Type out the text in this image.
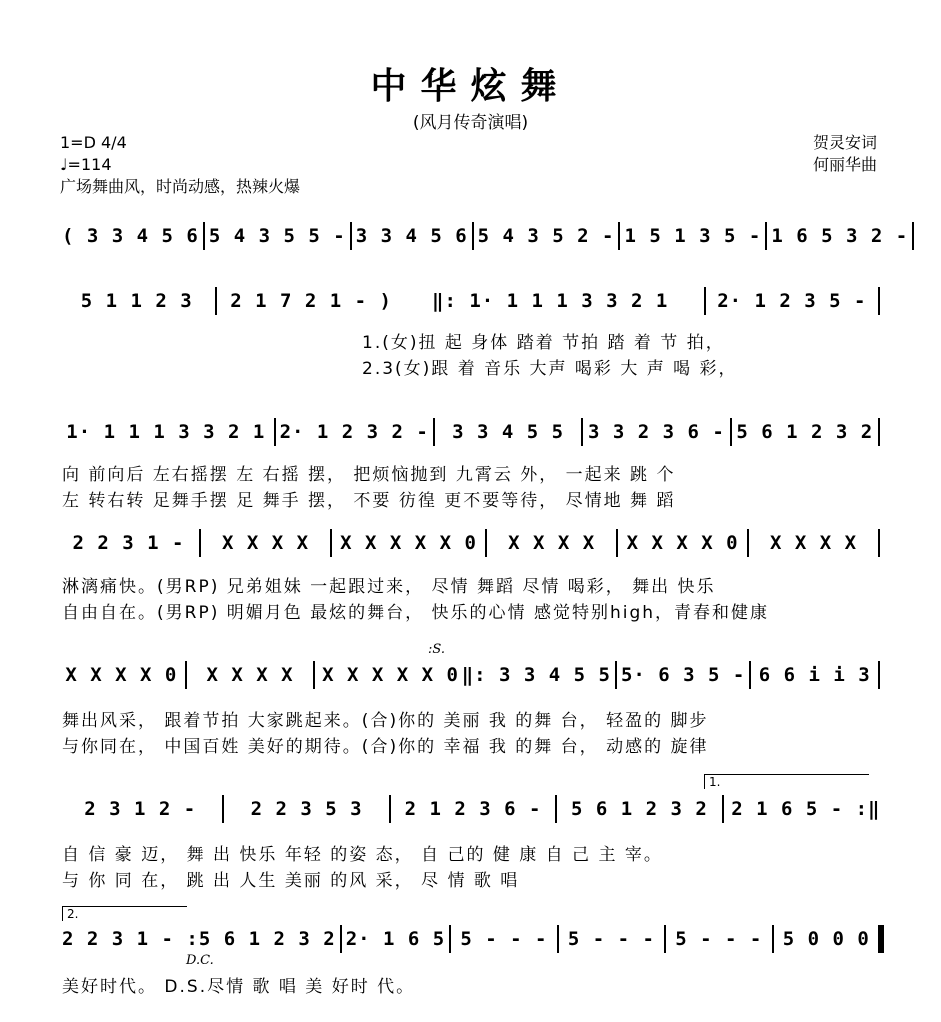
中华炫舞
(风月传奇演唱)
1=D 4/4
♩=114
广场舞曲风，时尚动感，热辣火爆
贺灵安词
何丽华曲
( 3 3 4 5 6 5 4 3 5 5 - 3 3 4 5 6 5 4 3 5 2 - 1 5 1 3 5 - 1 6 5 3 2 -
5 1 1 2 3	2 1 7 2 1 - )	‖: 1· 1 1 1 3 3 2 1	2· 1 2 3 5 -
1.(女)扭 起 身体 踏着 节拍 踏 着 节 拍，
2.3(女)跟 着 音乐 大声 喝彩 大 声 喝 彩，
1· 1 1 1 3 3 2 1 2· 1 2 3 2 -	3 3 4 5 5	3 3 2 3 6 - 5 6 1 2 3 2
向 前向后 左右摇摆 左 右摇 摆， 把烦恼抛到 九霄云 外， 一起来 跳 个
左 转右转 足舞手摆 足 舞手 摆， 不要 彷徨 更不要等待， 尽情地 舞 蹈
2 2 3 1 -	X X X X	X X X X X 0	X X X X	X X X X 0	X X X X
淋漓痛快。(男RP) 兄弟姐妹 一起跟过来， 尽情 舞蹈 尽情 喝彩， 舞出 快乐
自由自在。(男RP) 明媚月色 最炫的舞台， 快乐的心情 感觉特别high，青春和健康
:S.
X X X X 0	X X X X	X X X X X 0 ‖: 3 3 4 5 5 5· 6 3 5 - 6 6 i i 3
舞出风采， 跟着节拍 大家跳起来。(合)你的 美丽 我 的舞 台， 轻盈的 脚步
与你同在， 中国百姓 美好的期待。(合)你的 幸福 我 的舞 台， 动感的 旋律
1.
2 3 1 2 -	2 2 3 5 3	2 1 2 3 6 -	5 6 1 2 3 2	2 1 6 5 - :‖
自 信 豪 迈， 舞 出 快乐 年轻 的姿 态， 自 己的 健 康 自 己 主 宰。
与 你 同 在， 跳 出 人生 美丽 的风 采， 尽 情 歌 唱
2.
2 2 3 1 - : 5 6 1 2 3 2 2· 1 6 5 5 - - - 5 - - - 5 - - - 5 0 0 0
D.C.
美好时代。 D.S.尽情 歌 唱 美 好时 代。
